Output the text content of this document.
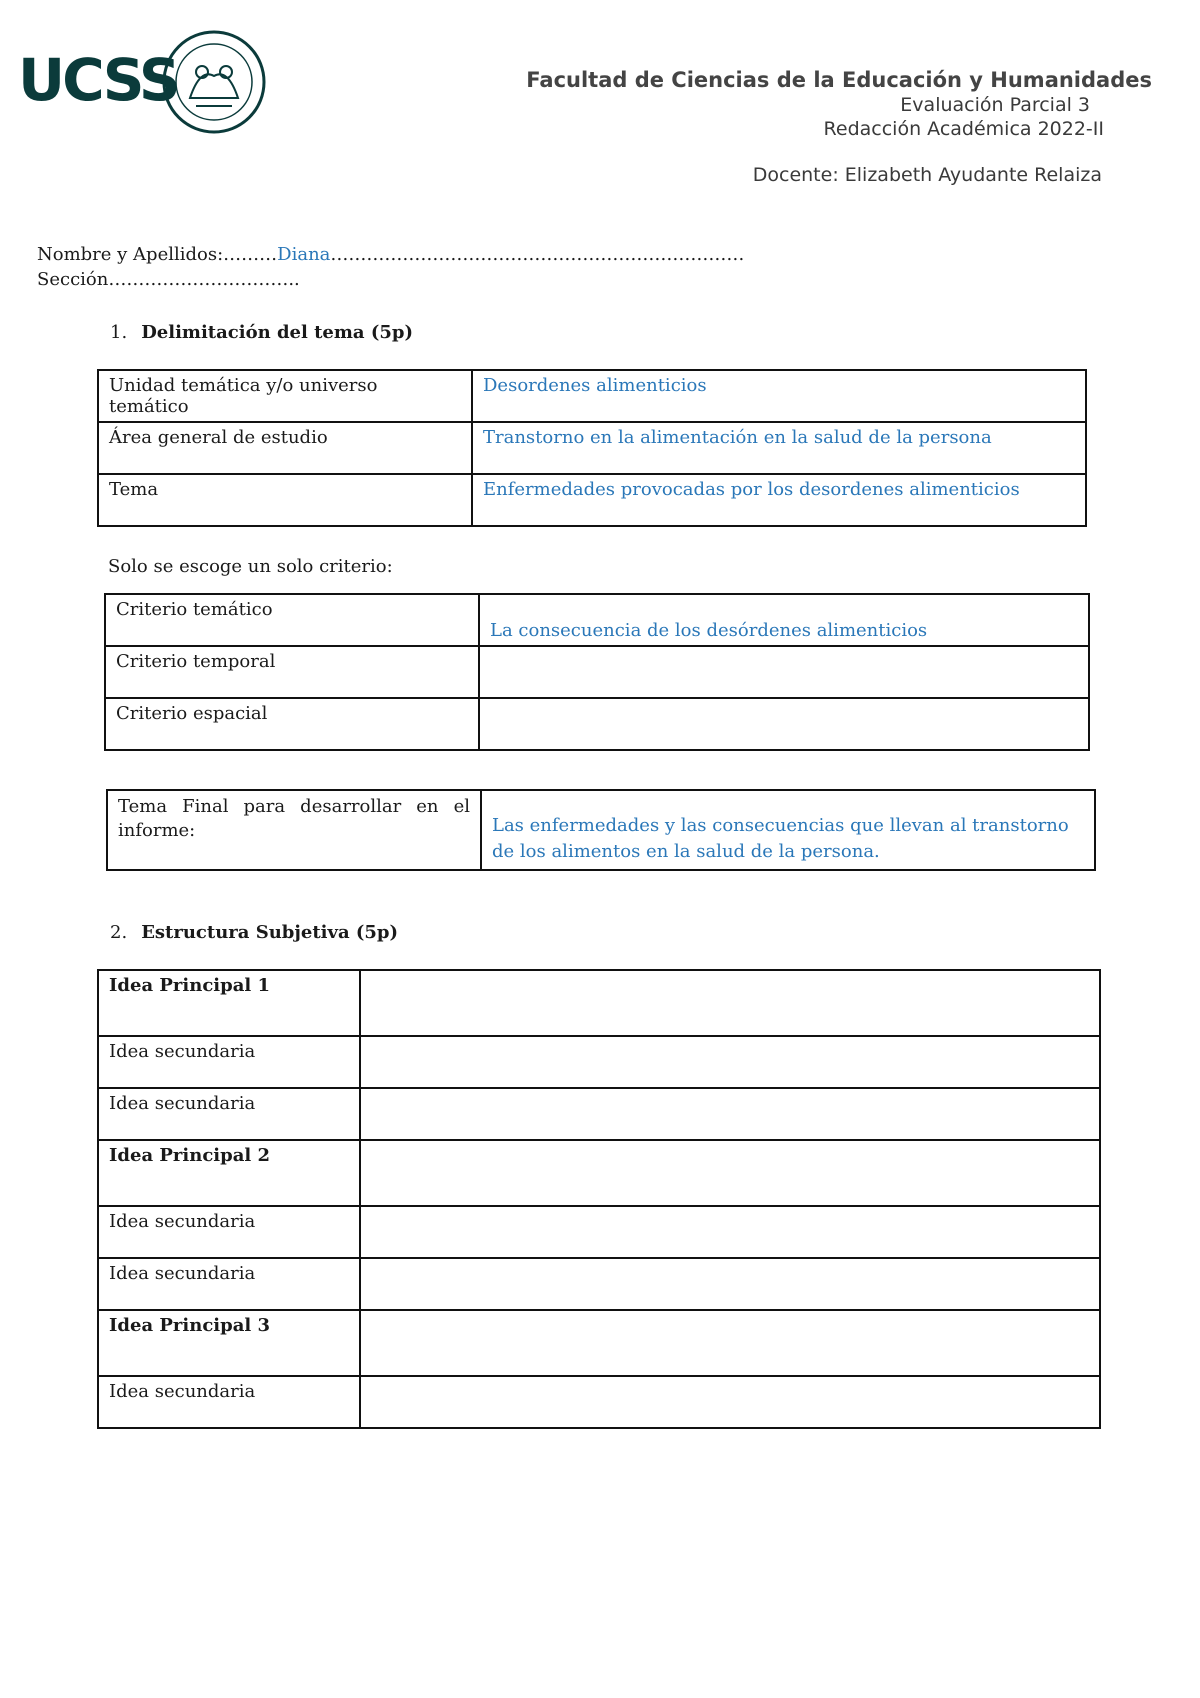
UCSS	Facultad de Ciencias de la Educación y Humanidades
Evaluación Parcial 3
Redacción Académica 2022-II
Docente: Elizabeth Ayudante Relaiza
Nombre y Apellidos:………Diana……………………………………………………………
Sección…………………………..
1. Delimitación del tema (5p)
Unidad temática y/o universo temático	Desordenes alimenticios
Área general de estudio	Transtorno en la alimentación en la salud de la persona
Tema	Enfermedades provocadas por los desordenes alimenticios
Solo se escoge un solo criterio:
Criterio temático	La consecuencia de los desórdenes alimenticios
Criterio temporal	
Criterio espacial	
Tema Final para desarrollar en el informe:	Las enfermedades y las consecuencias que llevan al transtorno de los alimentos en la salud de la persona.
2. Estructura Subjetiva (5p)
Idea Principal 1	
Idea secundaria	
Idea secundaria	
Idea Principal 2	
Idea secundaria	
Idea secundaria	
Idea Principal 3	
Idea secundaria	
